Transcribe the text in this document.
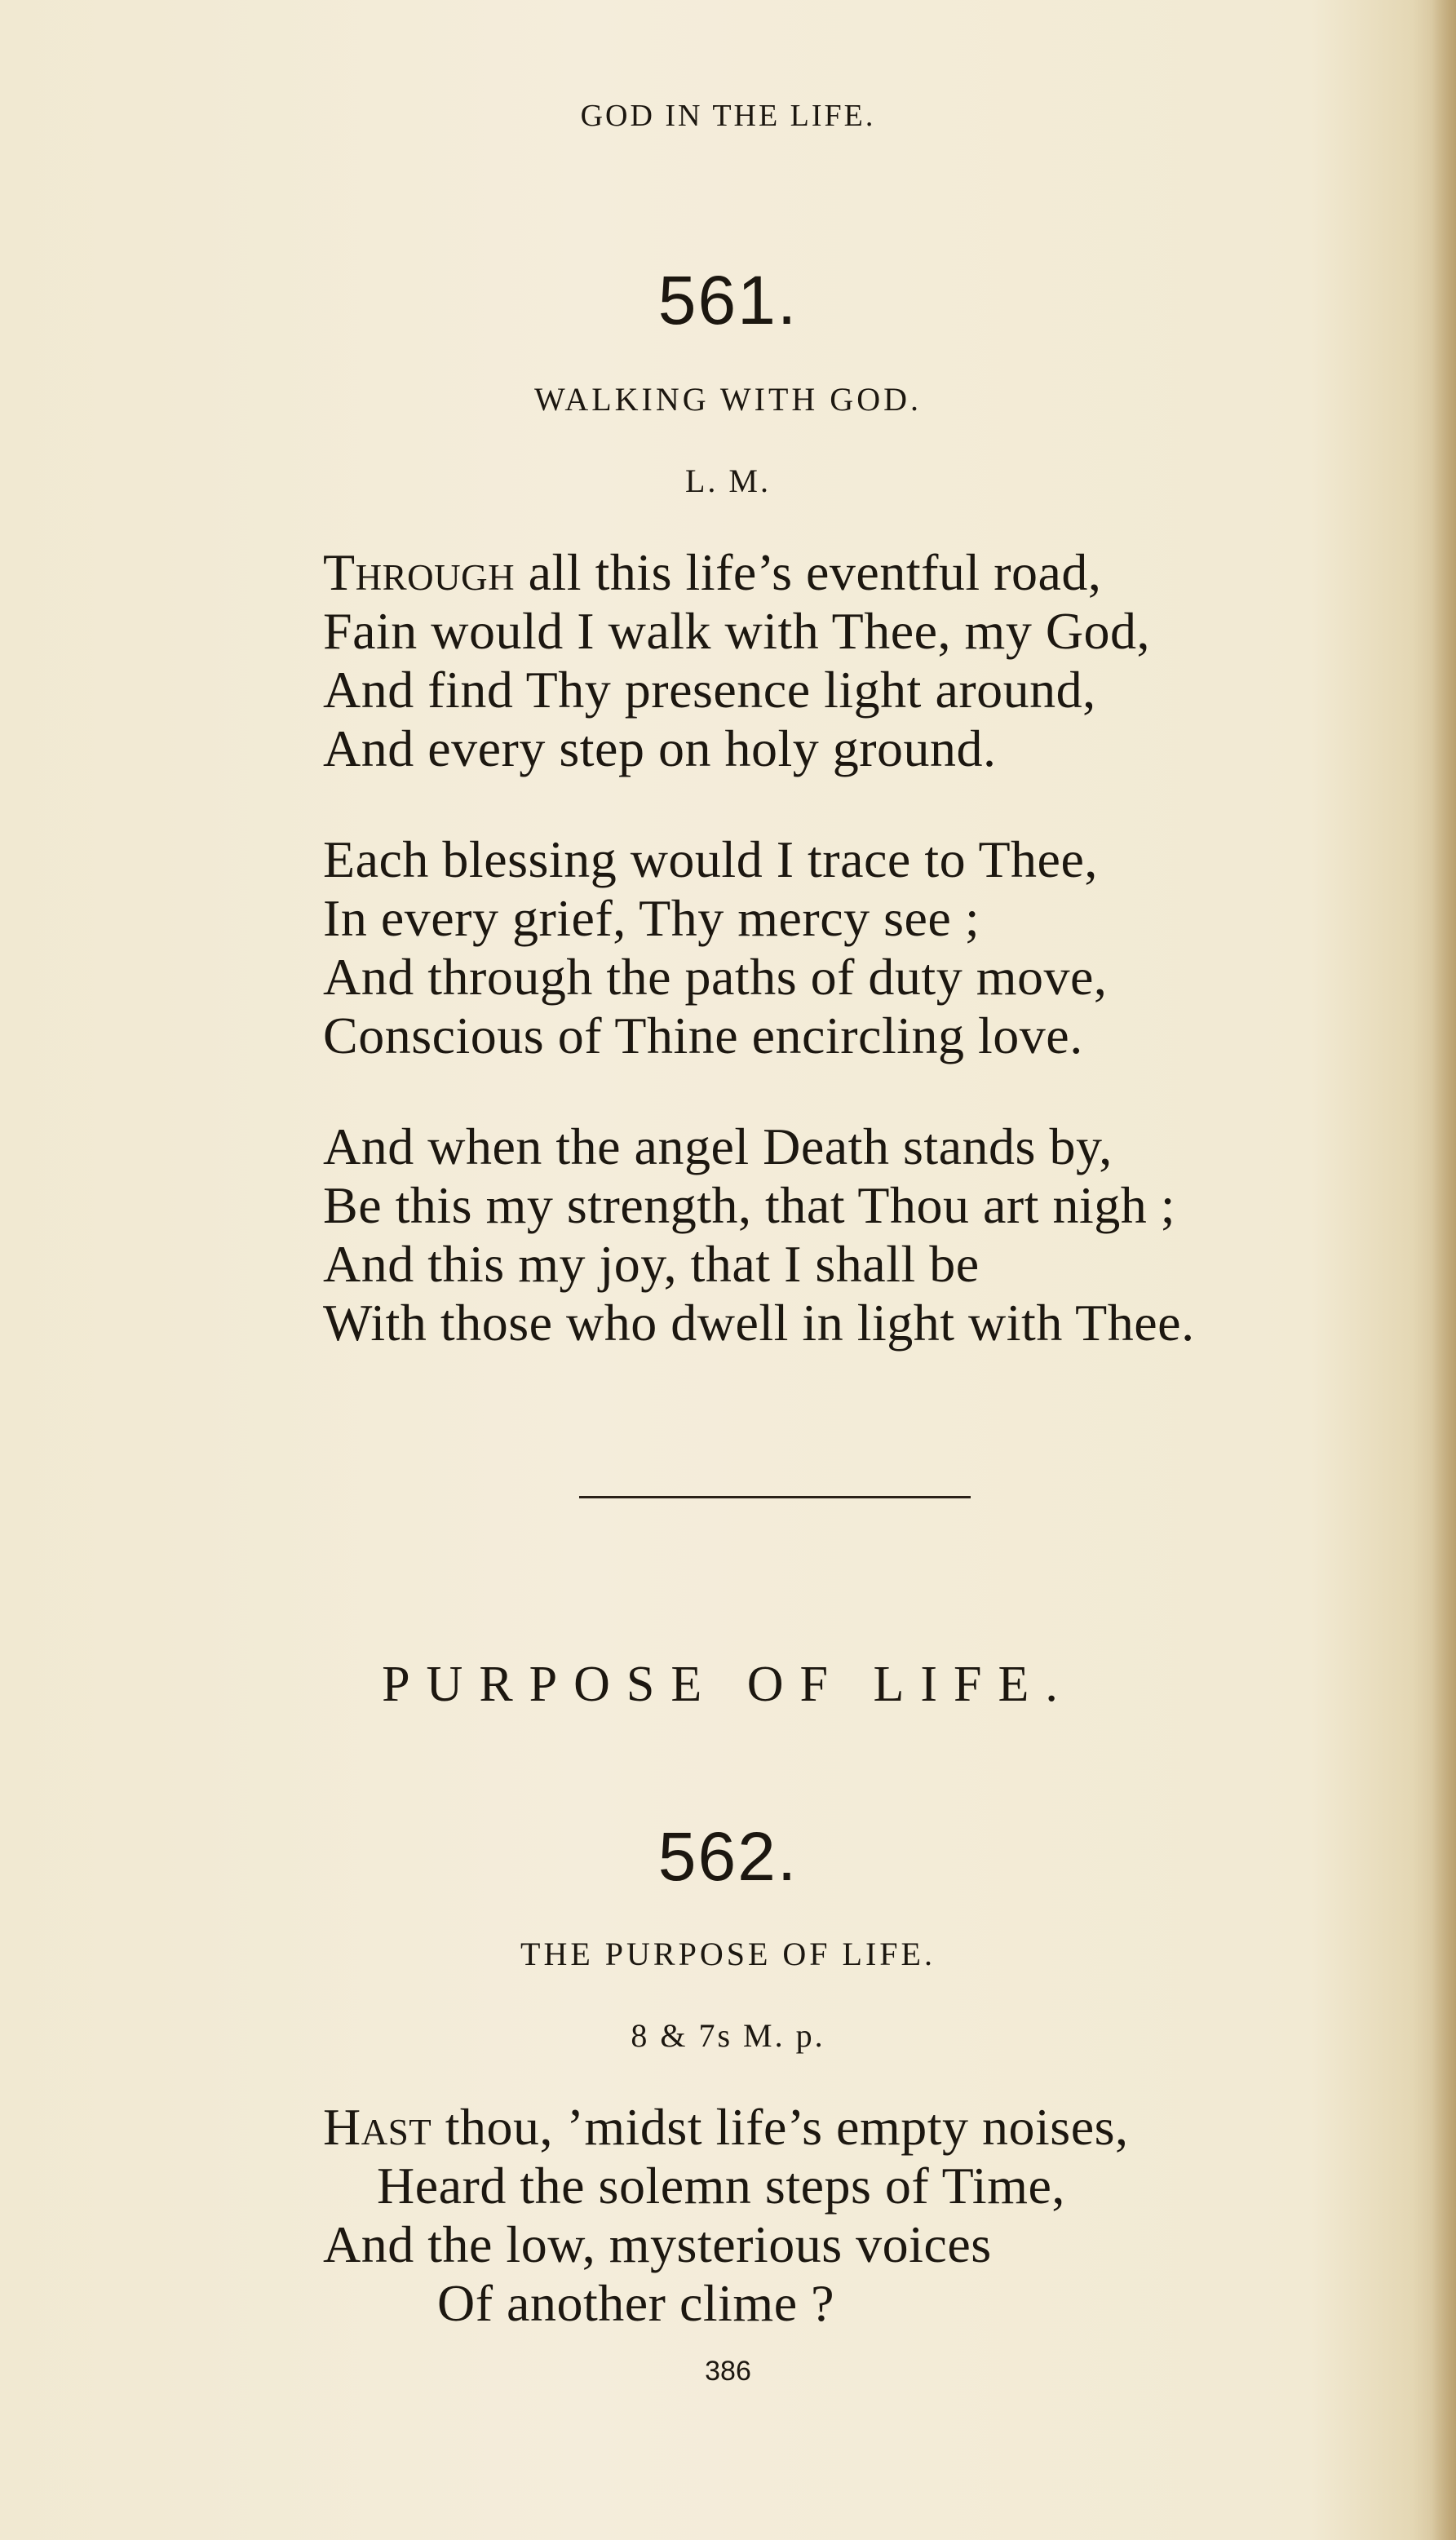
GOD IN THE LIFE.
561.
WALKING WITH GOD.
L. M.
Through all this life’s eventful road,
Fain would I walk with Thee, my God,
And find Thy presence light around,
And every step on holy ground.
Each blessing would I trace to Thee,
In every grief, Thy mercy see ;
And through the paths of duty move,
Conscious of Thine encircling love.
And when the angel Death stands by,
Be this my strength, that Thou art nigh ;
And this my joy, that I shall be
With those who dwell in light with Thee.
PURPOSE OF LIFE.
562.
THE PURPOSE OF LIFE.
8 & 7s M. p.
Hast thou, ’midst life’s empty noises,
Heard the solemn steps of Time,
And the low, mysterious voices
Of another clime ?
386
